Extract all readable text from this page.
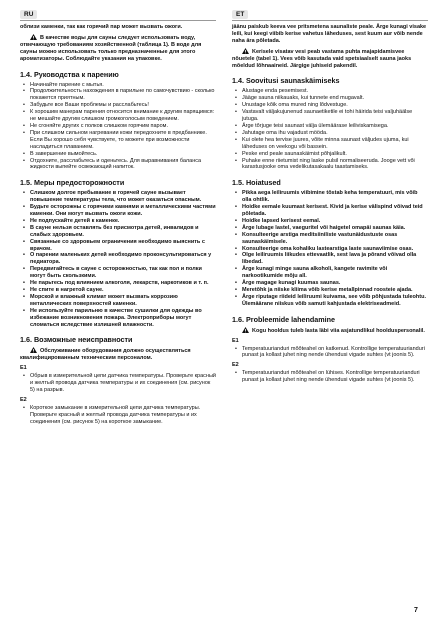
RU	ET

облизи каменки, так как горячий пар может вызвать ожоги.

В качестве воды для сауны следует использовать воду, отвечающую требованиям хозяйственной (таблица 1). В воде для сауны можно использовать только предназначенные для этого ароматизаторы. Соблюдайте указания на упаковке.
1.4. Руководства к парению
• Начинайте парение с мытья.
• Продолжительность нахождения в парильне по самочувствию - сколько покажется приятным.
• Забудьте все Ваши проблемы и расслабьтесь!
• К хорошим манерам парения относится внимание к другим парящимся: не мешайте другим слишком громкоголосым поведением.
• Не сгоняйте других с полков слишком горячим паром.
• При слишком сильном нагревании кожи передохните в предбаннике. Если Вы хорошо себя чувствуете, то можете при возможности насладиться плаванием.
• В завершение вымойтесь.
• Отдохните, расслабьтесь и оденьтесь. Для выравнивания баланса жидкости выпейте освежающий напиток.
1.5. Меры предосторожности
• Слишком долгое пребывание в горячей сауне вызывает повышение температуры тела, что может оказаться опасным.
• Будьте осторожны с горячими камнями и металлическими частями каменки. Они могут вызвать ожоги кожи.
• Не подпускайте детей к каменке.
• В сауне нельзя оставлять без присмотра детей, инвалидов и слабых здоровьем.
• Связанные со здоровьем ограничения необходимо выяснить с врачом.
• О парении маленьких детей необходимо проконсультироваться у педиатора.
• Передвигайтесь в сауне с осторожностью, так как пол и полки могут быть скользкими.
• Не парьтесь под влиянием алкоголя, лекарств, наркотиков и т. п.
• Не спите в нагретой сауне.
• Морской и влажный климат может вызвать коррозию металлических поверхностей каменки.
• Не используйте парильню в качестве сушилки для одежды во избежание возникновения пожара. Электроприборы могут сломаться вследствие излишней влажности.
1.6. Возможные неисправности
Обслуживание оборудования должно осуществляться квалифицированным техническим персоналом.
E1
• Обрыв в измерительной цепи датчика температуры. Проверьте красный и желтый провода датчика температуры и их соединения (см. рисунок 5) на разрыв.
E2
• Короткое замыкание в измерительной цепи датчика температуры. Проверьте красный и желтый провода датчика температуры и их соединения (см. рисунок 5) на короткое замыкание.

jäänu paiskub keeva vee pritsmetena saunaliste peale. Ärge kunagi visake leili, kui keegi viibib kerise vahetus läheduses, sest kuum aur võib nende naha ära põletada.

Kerisele visatav vesi peab vastama puhta majapidamisvee nõuetele (tabel 1). Vees võib kasutada vaid spetsiaalselt sauna jaoks mõeldud lõhnaaineid. Järgige juhiseid pakendil.
1.4. Soovitusi saunaskäimiseks
• Alustage enda pesemisest.
• Jääge sauna niikauaks, kui tunnete end mugavalt.
• Unustage kõik oma mured ning lõdvestuge.
• Vastavalt väljakujunenud saunaetiketile ei tohi häirida teisi valjuhäälse jutuga.
• Ärge tõrjuge teisi saunast välja ülemäärase leiliviskamisega.
• Jahutage oma ihu vajadust mööda.
• Kui olete hea tervise juures, võite minna saunast väljudes ujuma, kui läheduses on veekogu või bassein.
• Peske end peale saunaskäimist põhjalikult.
• Puhake enne riietumist ning laske pulsil normaliseeruda. Jooge vett või karastusjooke oma vedelikutasakaalu taastamiseks.
1.5. Hoiatused
• Pikka aega leiliruumis viibimine tõstab keha temperatuuri, mis võib olla ohtlik.
• Hoidke eemale kuumast kerisest. Kivid ja kerise välispind võivad teid põletada.
• Hoidke lapsed kerisest eemal.
• Ärge lubage lastel, vaeguritel või haigetel omapäi saunas käia.
• Konsulteerige arstiga meditsiiniliste vastunäidustuste osas saunaskäimisele.
• Konsulteerige oma kohaliku lastearstiga laste saunaviimise osas.
• Olge leiliruumis liikudes ettevaatlik, sest lava ja põrand võivad olla libedad.
• Ärge kunagi minge sauna alkoholi, kangete ravimite või narkootikumide mõju all.
• Ärge magage kunagi kuumas saunas.
• Meretõhk ja niiske kliima võib kerise metallpinnad roosteie ajada.
• Ärge riputage riideid leiliruumi kuivama, see võib põhjustada tuleohtu. Ülemäärane niiskus võib samuti kahjustada elektriseadmeid.
1.6. Probleemide lahendamine
Kogu hooldus tuleb lasta läbi viia asjatundlikul hoolduspersonalil.
E1
• Temperatuurianduri mõõteahel on katkenud. Kontrollige temperatuurianduri punast ja kollast juhet ning nende ühendusi vigade suhtes (vt joonis 5).
E2
• Temperatuurianduri mõõteahel on lühises. Kontrollige temperatuurianduri punast ja kollast juhet ning nende ühendusi vigade suhtes (vt joonis 5).
7
